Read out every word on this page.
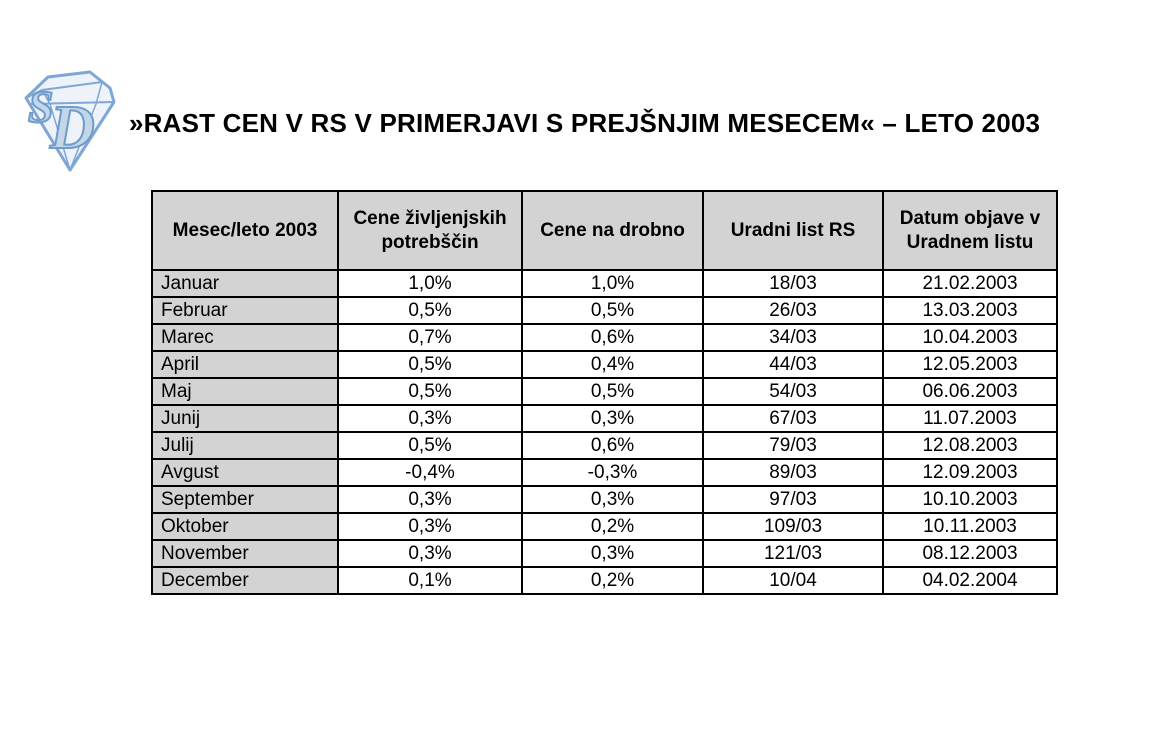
S
D »RAST CEN V RS V PRIMERJAVI S PREJŠNJIM MESECEM« – LETO 2003
Mesec/leto 2003	Cene življenjskih potrebščin	Cene na drobno	Uradni list RS	Datum objave v Uradnem listu
Januar	1,0%	1,0%	18/03	21.02.2003
Februar	0,5%	0,5%	26/03	13.03.2003
Marec	0,7%	0,6%	34/03	10.04.2003
April	0,5%	0,4%	44/03	12.05.2003
Maj	0,5%	0,5%	54/03	06.06.2003
Junij	0,3%	0,3%	67/03	11.07.2003
Julij	0,5%	0,6%	79/03	12.08.2003
Avgust	-0,4%	-0,3%	89/03	12.09.2003
September	0,3%	0,3%	97/03	10.10.2003
Oktober	0,3%	0,2%	109/03	10.11.2003
November	0,3%	0,3%	121/03	08.12.2003
December	0,1%	0,2%	10/04	04.02.2004
